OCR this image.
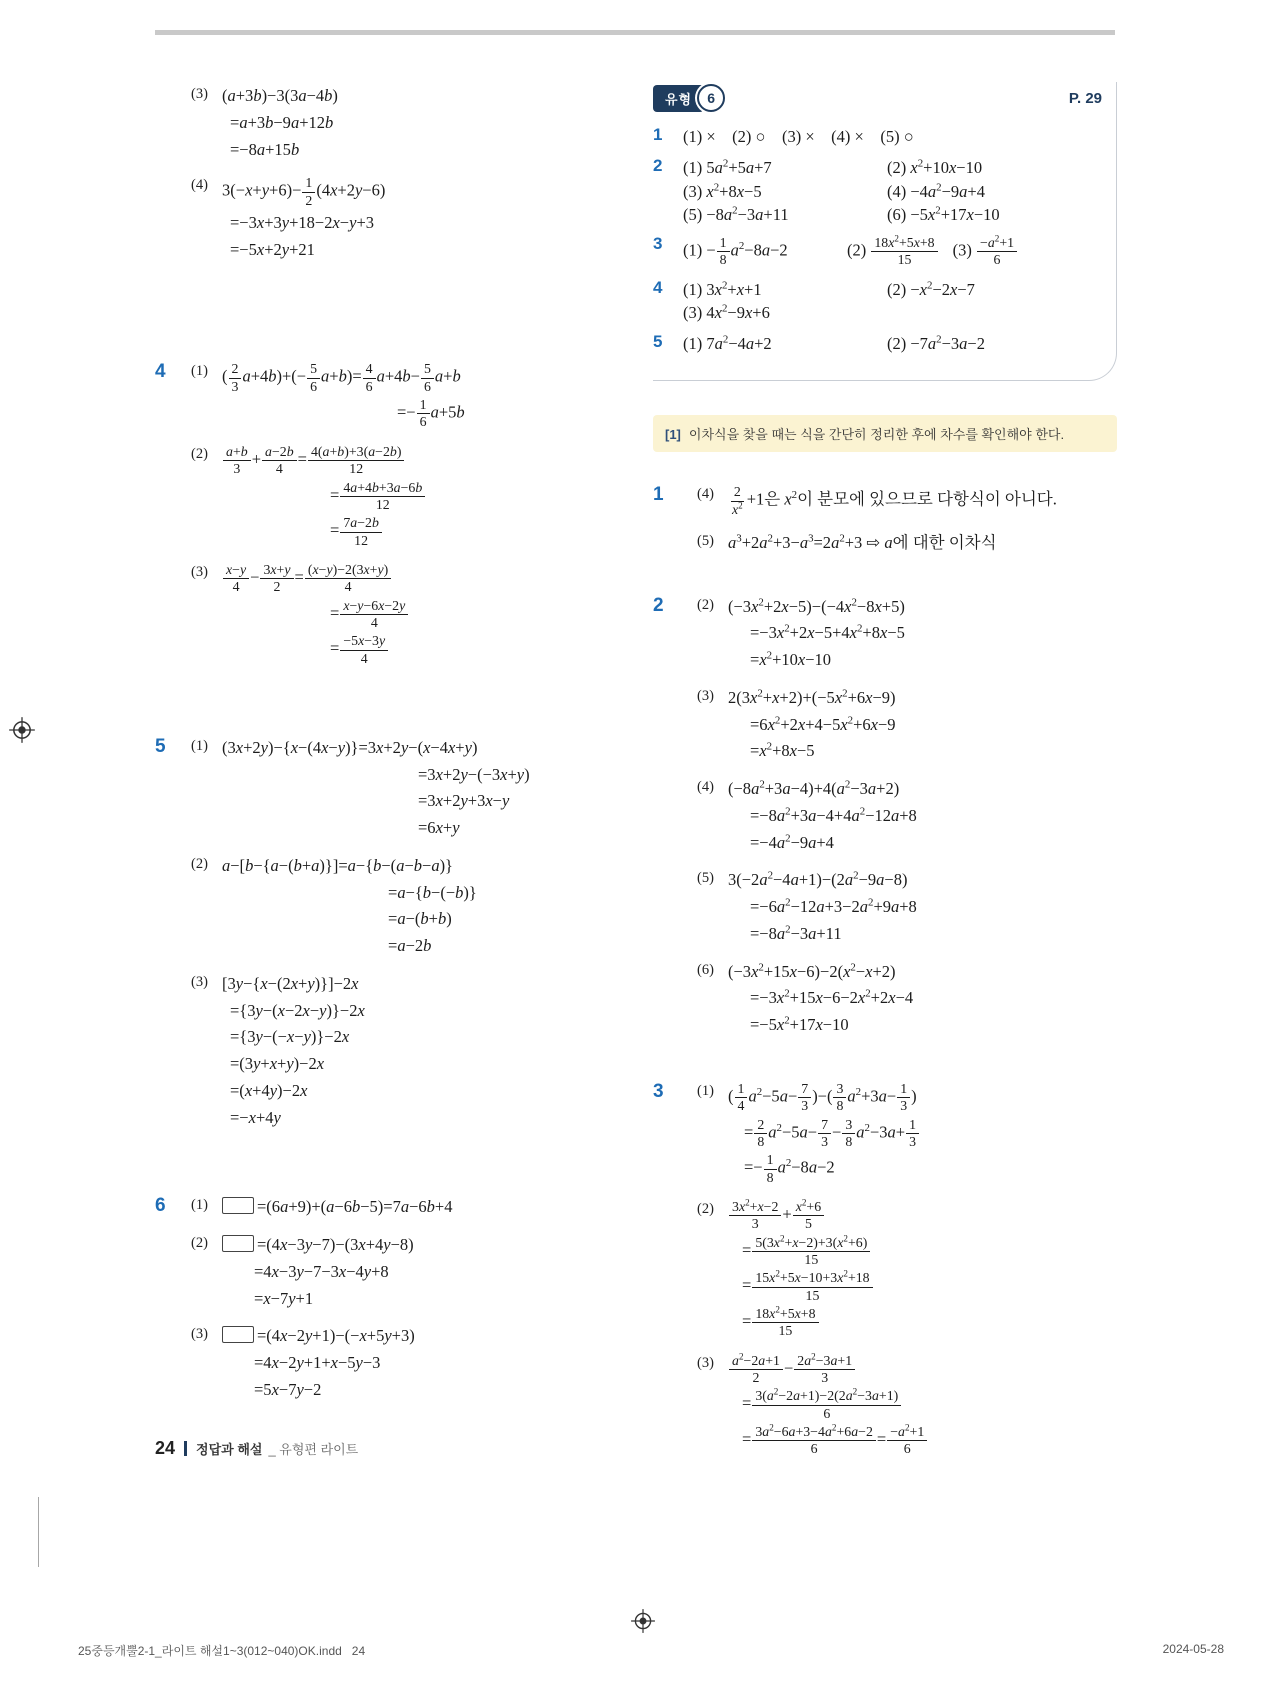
(3) (a+3b)−3(3a−4b)
=a+3b−9a+12b
=−8a+15b
(4) $3(-x+y+6)- \frac{1}{2} (4x+2y-6)$
=−3x+3y+18−2x−y+3
=−5x+2y+21
4	(1) ( $\frac{2}{3} a+4b)+(- \frac{5}{6} a+b)= \frac{4}{6} a+4b- \frac{5}{6} a+b$
=− $\frac{1}{6} a+5b$
(2)	$\frac{a+b}{3} + \frac{a-2b}{4} = \frac{4(a+b)+3(a-2b)}{12}$
= $\frac{4a+4b+3a-6b}{12}$
= $\frac{7a-2b}{12}$
(3)	$\frac{x-y}{4} - \frac{3x+y}{2} = \frac{(x-y)-2(3x+y)}{4}$
= $\frac{x-y-6x-2y}{4}$
= $\frac{-5x-3y}{4}$
5	(1) (3x+2y)−{x−(4x−y)}=3x+2y−(x−4x+y)
=3x+2y−(−3x+y)
=3x+2y+3x−y
=6x+y
(2) a−[b−{a−(b+a)}]=a−{b−(a−b−a)}
=a−{b−(−b)}
=a−(b+b)
=a−2b
(3) [3y−{x−(2x+y)}]−2x
={3y−(x−2x−y)}−2x
={3y−(−x−y)}−2x
=(3y+x+y)−2x
=(x+4y)−2x
=−x+4y
6	(1)	=(6a+9)+(a−6b−5)=7a−6b+4
(2)	=(4x−3y−7)−(3x+4y−8)
=4x−3y−7−3x−4y+8
=x−7y+1
(3)	=(4x−2y+1)−(−x+5y+3)
=4x−2y+1+x−5y−3
=5x−7y−2
유형	6	P. 29
1	(1) ×    (2) ○    (3) ×    (4) ×    (5) ○
2	(1) $5a^2+5a+7$	(2) $x^2+10x-10$
(3) $x^2+8x-5$	$(4) -4a^2-9a+4$
$(5) -8a^2-3a+11$	$(6) -5x^2+17x-10$
3	$(1) - \frac{1}{8} a^2-8a-2$	$(2) \frac{18x^2+5x+8}{15} (3) \frac{-a^2+1}{6}$
4	(1) $3x^2+x+1$	$(2) -x^2-2x-7$
(3) $4x^2-9x+6$
5	(1) $7a^2-4a+2$	$(2) -7a^2-3a-2$
[1] 이차식을 찾을 때는 식을 간단히 정리한 후에 차수를 확인해야 한다.
1	(4)	$\frac{2}{x^2} +1$은 $x^2$이 분모에 있으므로 다항식이 아니다.
(5) $a^3+2a^2+3-a^3=2a^2+3$ ⇨ a에 대한 이차식
2	(2) $(-3x^2+2x-5)-(-4x^2-8x+5)$
$=-3x^2+2x-5+4x^2+8x-5$
$=x^2+10x-10$
(3) $2(3x^2+x+2)+(-5x^2+6x-9)$
$=6x^2+2x+4-5x^2+6x-9$
$=x^2+8x-5$
(4) $(-8a^2+3a-4)+4(a^2-3a+2)$
$=-8a^2+3a-4+4a^2-12a+8$
$=-4a^2-9a+4$
(5) $3(-2a^2-4a+1)-(2a^2-9a-8)$
$=-6a^2-12a+3-2a^2+9a+8$
$=-8a^2-3a+11$
(6) $(-3x^2+15x-6)-2(x^2-x+2)$
$=-3x^2+15x-6-2x^2+2x-4$
$=-5x^2+17x-10$
3	(1) ( $\frac{1}{4} a^2-5a- \frac{7}{3}$ )−( $\frac{3}{8} a^2+3a- \frac{1}{3}$ )
= $\frac{2}{8} a^2-5a- \frac{7}{3} - \frac{3}{8} a^2-3a+ \frac{1}{3}$
=− $\frac{1}{8} a^2-8a-2$
(2)	$\frac{3x^2+x-2}{3} + \frac{x^2+6}{5}$
= $\frac{5(3x^2+x-2)+3(x^2+6)}{15}$
= $\frac{15x^2+5x-10+3x^2+18}{15}$
= $\frac{18x^2+5x+8}{15}$
(3)	$\frac{a^2-2a+1}{2} - \frac{2a^2-3a+1}{3}$
= $\frac{3(a^2-2a+1)-2(2a^2-3a+1)}{6}$
= $\frac{3a^2-6a+3-4a^2+6a-2}{6} = \frac{-a^2+1}{6}$
24 정답과 해설 _ 유형편 라이트
25중등개뿔2-1_라이트 해설1~3(012~040)OK.indd   24	2024-05-28
